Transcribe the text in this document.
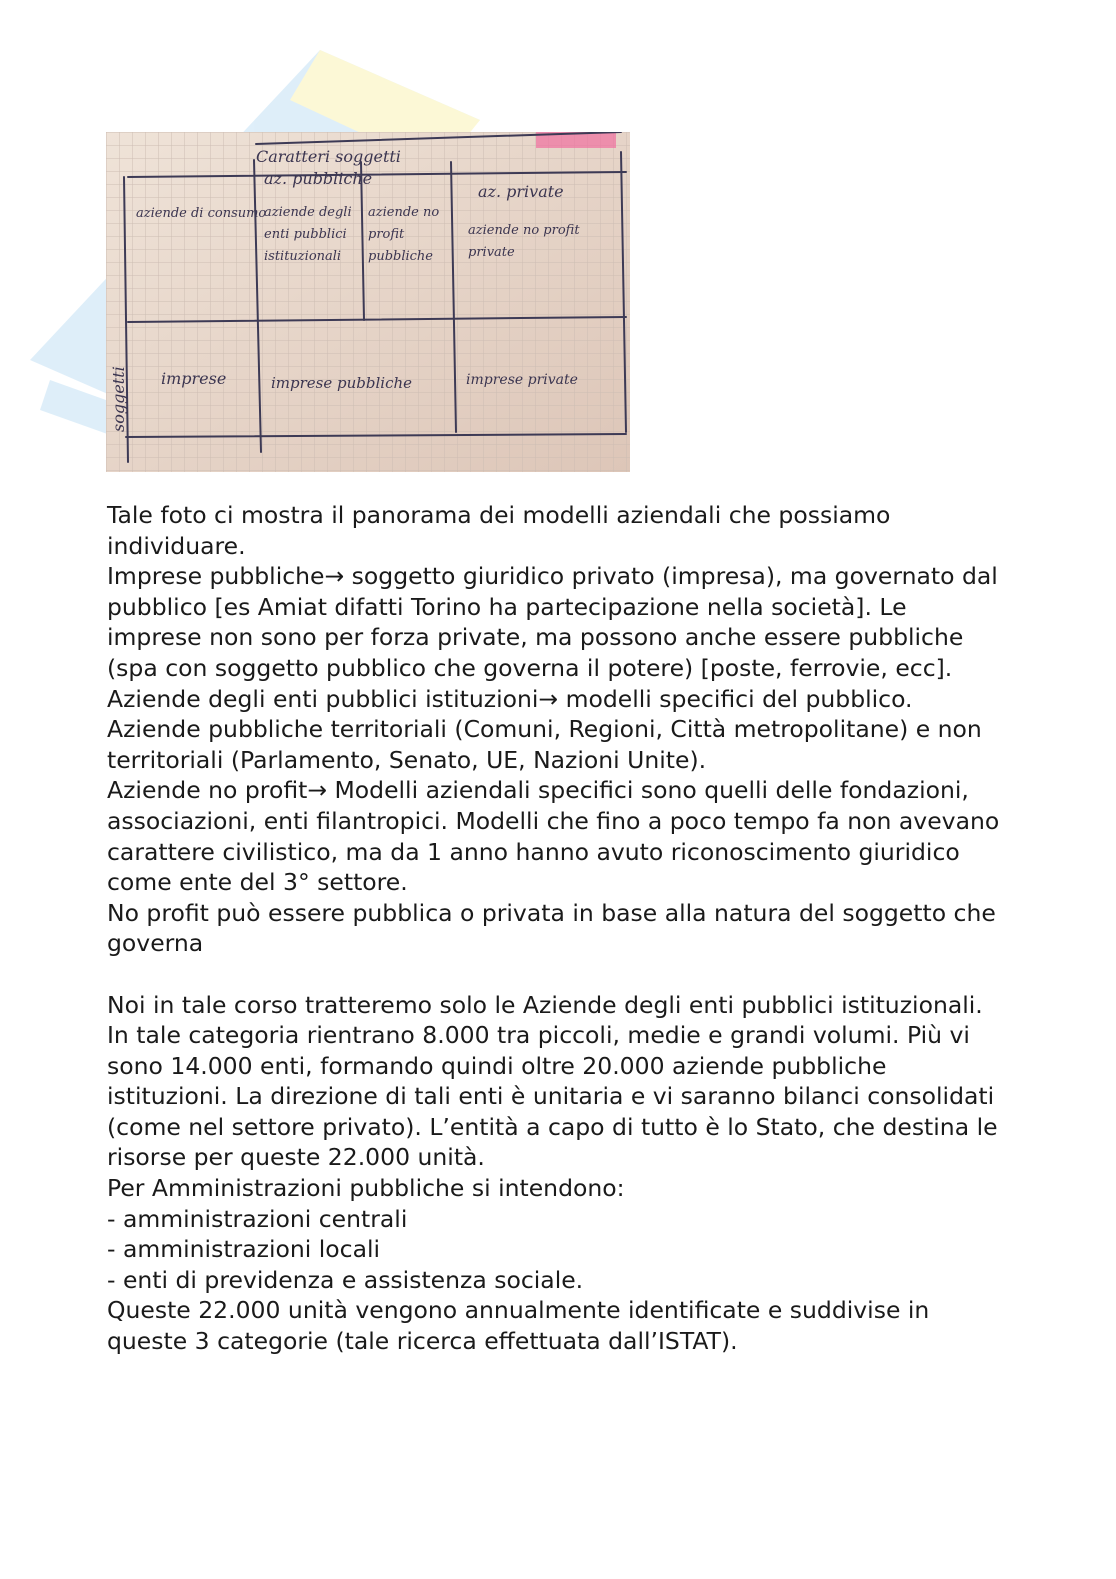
Caratteri soggetti
az. pubbliche
az. private
soggetti
aziende di consumo
imprese
aziende degli enti pubblici istituzionali
aziende no profit pubbliche
aziende no profit private
imprese pubbliche	imprese private

Tale foto ci mostra il panorama dei modelli aziendali che possiamo individuare.

Imprese pubbliche→ soggetto giuridico privato (impresa), ma governato dal pubblico [es Amiat difatti Torino ha partecipazione nella società]. Le imprese non sono per forza private, ma possono anche essere pubbliche (spa con soggetto pubblico che governa il potere) [poste, ferrovie, ecc].

Aziende degli enti pubblici istituzioni→ modelli specifici del pubblico. Aziende pubbliche territoriali (Comuni, Regioni, Città metropolitane) e non territoriali (Parlamento, Senato, UE, Nazioni Unite).

Aziende no profit→ Modelli aziendali specifici sono quelli delle fondazioni, associazioni, enti filantropici. Modelli che fino a poco tempo fa non avevano carattere civilistico, ma da 1 anno hanno avuto riconoscimento giuridico come ente del 3° settore.

No profit può essere pubblica o privata in base alla natura del soggetto che governa

Noi in tale corso tratteremo solo le Aziende degli enti pubblici istituzionali. In tale categoria rientrano 8.000 tra piccoli, medie e grandi volumi. Più vi sono 14.000 enti, formando quindi oltre 20.000 aziende pubbliche istituzioni. La direzione di tali enti è unitaria e vi saranno bilanci consolidati (come nel settore privato). L’entità a capo di tutto è lo Stato, che destina le risorse per queste 22.000 unità.

Per Amministrazioni pubbliche si intendono:

- amministrazioni centrali

- amministrazioni locali

- enti di previdenza e assistenza sociale.

Queste 22.000 unità vengono annualmente identificate e suddivise in queste 3 categorie (tale ricerca effettuata dall’ISTAT).
